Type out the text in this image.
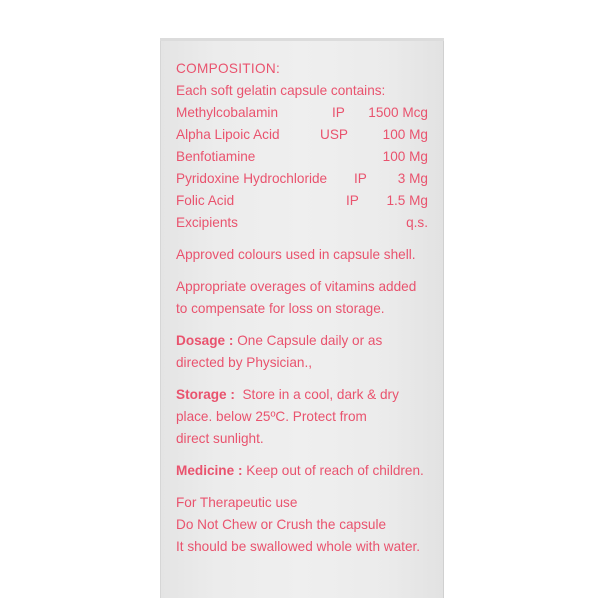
COMPOSITION:
Each soft gelatin capsule contains:
Methylcobalamin	IP	1500 Mcg
Alpha Lipoic Acid	USP	100 Mg
Benfotiamine	100 Mg
Pyridoxine Hydrochloride	IP	3 Mg
Folic Acid	IP	1.5 Mg
Excipients	q.s.

Approved colours used in capsule shell.

Appropriate overages of vitamins added

to compensate for loss on storage.

Dosage : One Capsule daily or as

directed by Physician.,

Storage :  Store in a cool, dark & dry

place. below 25ºC. Protect from

direct sunlight.

Medicine : Keep out of reach of children.

For Therapeutic use

Do Not Chew or Crush the capsule

It should be swallowed whole with water.
